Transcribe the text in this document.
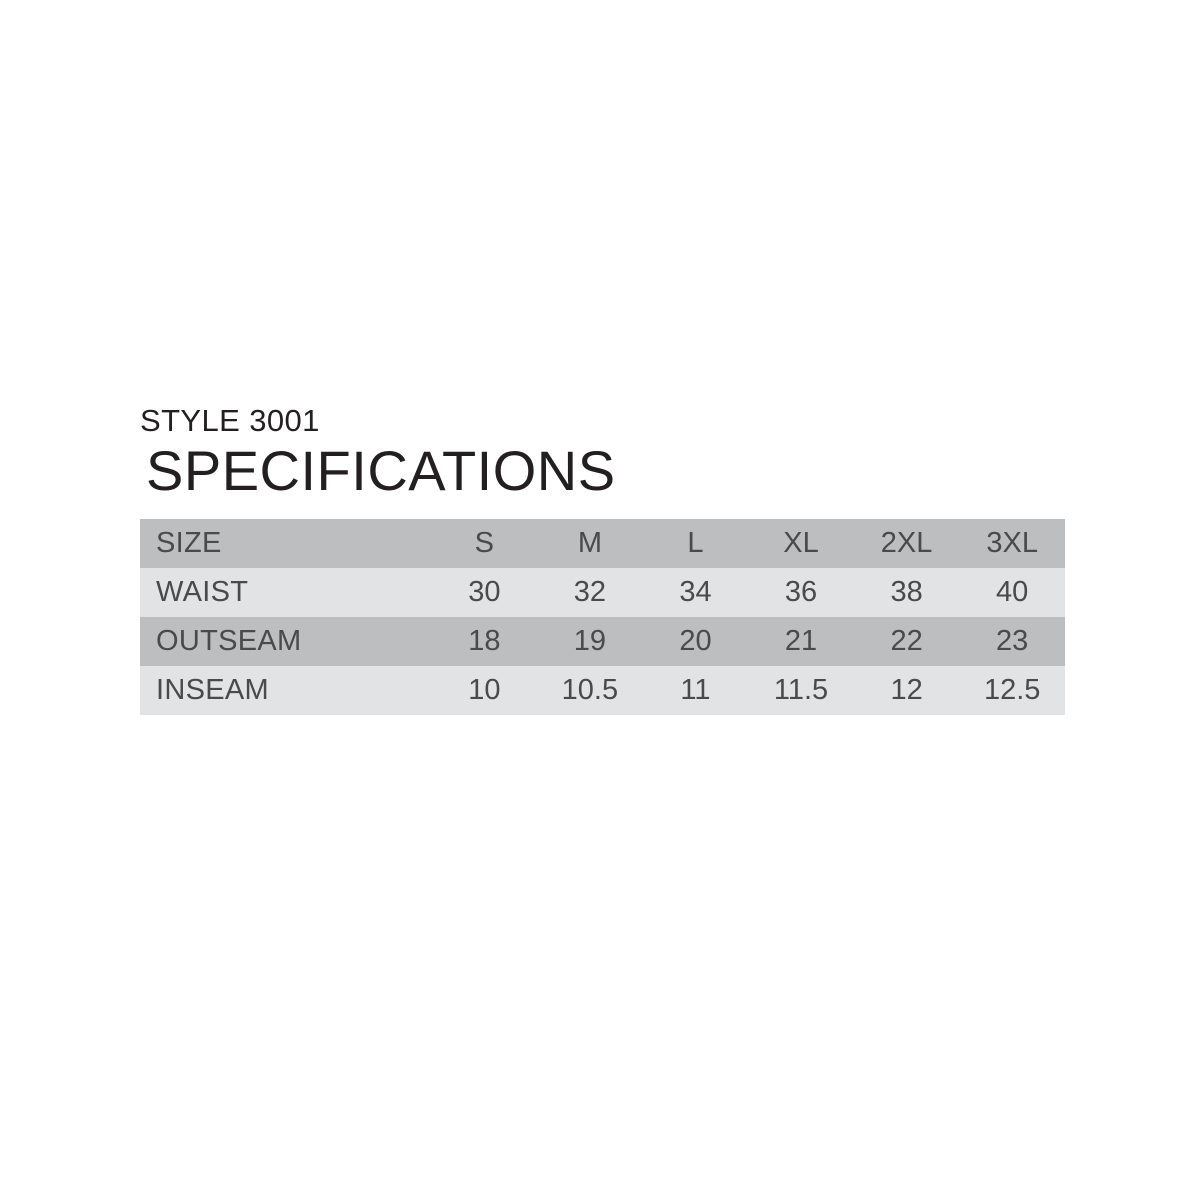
STYLE 3001
SPECIFICATIONS
SIZE	S	M	L	XL	2XL	3XL
WAIST	30	32	34	36	38	40
OUTSEAM	18	19	20	21	22	23
INSEAM	10	10.5	11	11.5	12	12.5
